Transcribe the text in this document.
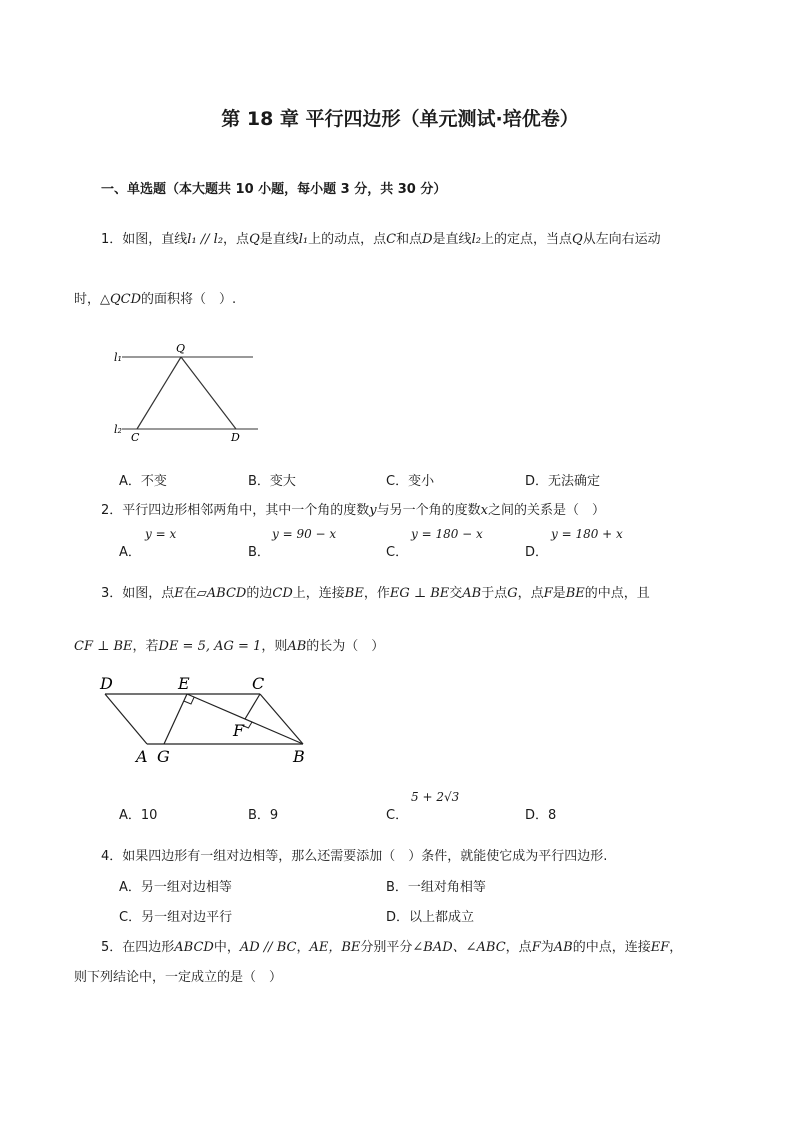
第 18 章 平行四边形（单元测试·培优卷）
一、单选题（本大题共 10 小题，每小题 3 分，共 30 分）
1．如图，直线l₁ // l₂，点Q是直线l₁上的动点，点C和点D是直线l₂上的定点，当点Q从左向右运动
时，△QCD的面积将（　）.
l₁
l₂
Q
C	D
A．不变	B．变大	C．变小	D．无法确定
2．平行四边形相邻两角中，其中一个角的度数y与另一个角的度数x之间的关系是（　）
A．
y = x
B．
y = 90 − x
C．
y = 180 − x
D．
y = 180 + x
3．如图，点E在▱ABCD的边CD上，连接BE，作EG ⊥ BE交AB于点G，点F是BE的中点，且
CF ⊥ BE，若DE = 5, AG = 1，则AB的长为（　）
D	E	C
F
A G	B
A．10	B．9	C．
5 + 2√3
D．8
4．如果四边形有一组对边相等，那么还需要添加（　）条件，就能使它成为平行四边形.
A．另一组对边相等	B．一组对角相等
C．另一组对边平行	D．以上都成立
5．在四边形ABCD中，AD // BC，AE，BE分别平分∠BAD、∠ABC，点F为AB的中点，连接EF，
则下列结论中，一定成立的是（　）
